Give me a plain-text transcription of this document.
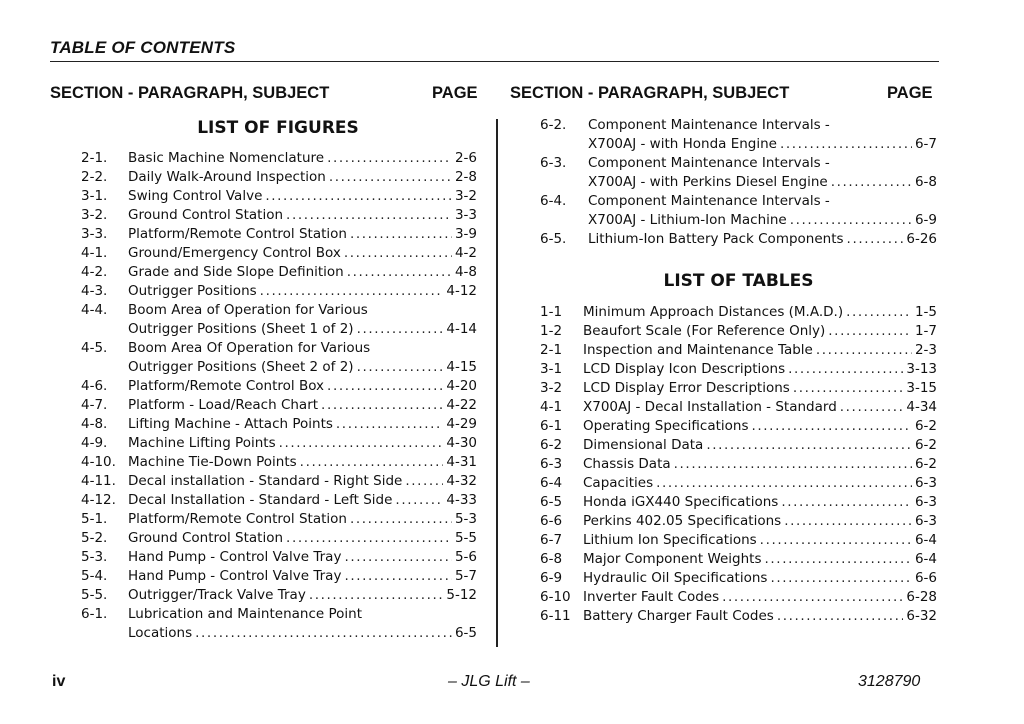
TABLE OF CONTENTS
SECTION - PARAGRAPH, SUBJECT	PAGE SECTION - PARAGRAPH, SUBJECT	PAGE
LIST OF FIGURES
2-1. Basic Machine Nomenclature .....	2-6
2-2. Daily Walk-Around Inspection .....	2-8
3-1. Swing Control Valve .....	3-2
3-2. Ground Control Station .....	3-3
3-3. Platform/Remote Control Station .....	3-9
4-1. Ground/Emergency Control Box .....	4-2
4-2. Grade and Side Slope Definition .....	4-8
4-3. Outrigger Positions .....	4-12
4-4. Boom Area of Operation for Various
Outrigger Positions (Sheet 1 of 2) .....	4-14
4-5. Boom Area Of Operation for Various
Outrigger Positions (Sheet 2 of 2) .....	4-15
4-6. Platform/Remote Control Box .....	4-20
4-7. Platform - Load/Reach Chart .....	4-22
4-8. Lifting Machine - Attach Points .....	4-29
4-9. Machine Lifting Points .....	4-30
4-10. Machine Tie-Down Points .....	4-31
4-11. Decal installation - Standard - Right Side .....	4-32
4-12. Decal Installation - Standard - Left Side .....	4-33
5-1. Platform/Remote Control Station .....	5-3
5-2. Ground Control Station .....	5-5
5-3. Hand Pump - Control Valve Tray .....	5-6
5-4. Hand Pump - Control Valve Tray .....	5-7
5-5. Outrigger/Track Valve Tray .....	5-12
6-1. Lubrication and Maintenance Point
Locations .....	6-5
6-2. Component Maintenance Intervals -
X700AJ - with Honda Engine .....	6-7
6-3. Component Maintenance Intervals -
X700AJ - with Perkins Diesel Engine .....	6-8
6-4. Component Maintenance Intervals -
X700AJ - Lithium-Ion Machine .....	6-9
6-5. Lithium-Ion Battery Pack Components .....	6-26
LIST OF TABLES
1-1 Minimum Approach Distances (M.A.D.) .....	1-5
1-2 Beaufort Scale (For Reference Only) .....	1-7
2-1 Inspection and Maintenance Table .....	2-3
3-1 LCD Display Icon Descriptions .....	3-13
3-2 LCD Display Error Descriptions .....	3-15
4-1 X700AJ - Decal Installation - Standard .....	4-34
6-1 Operating Specifications .....	6-2
6-2 Dimensional Data .....	6-2
6-3 Chassis Data .....	6-2
6-4 Capacities .....	6-3
6-5 Honda iGX440 Specifications .....	6-3
6-6 Perkins 402.05 Specifications .....	6-3
6-7 Lithium Ion Specifications .....	6-4
6-8 Major Component Weights .....	6-4
6-9 Hydraulic Oil Specifications .....	6-6
6-10 Inverter Fault Codes .....	6-28
6-11 Battery Charger Fault Codes .....	6-32
iv	– JLG Lift –	3128790
